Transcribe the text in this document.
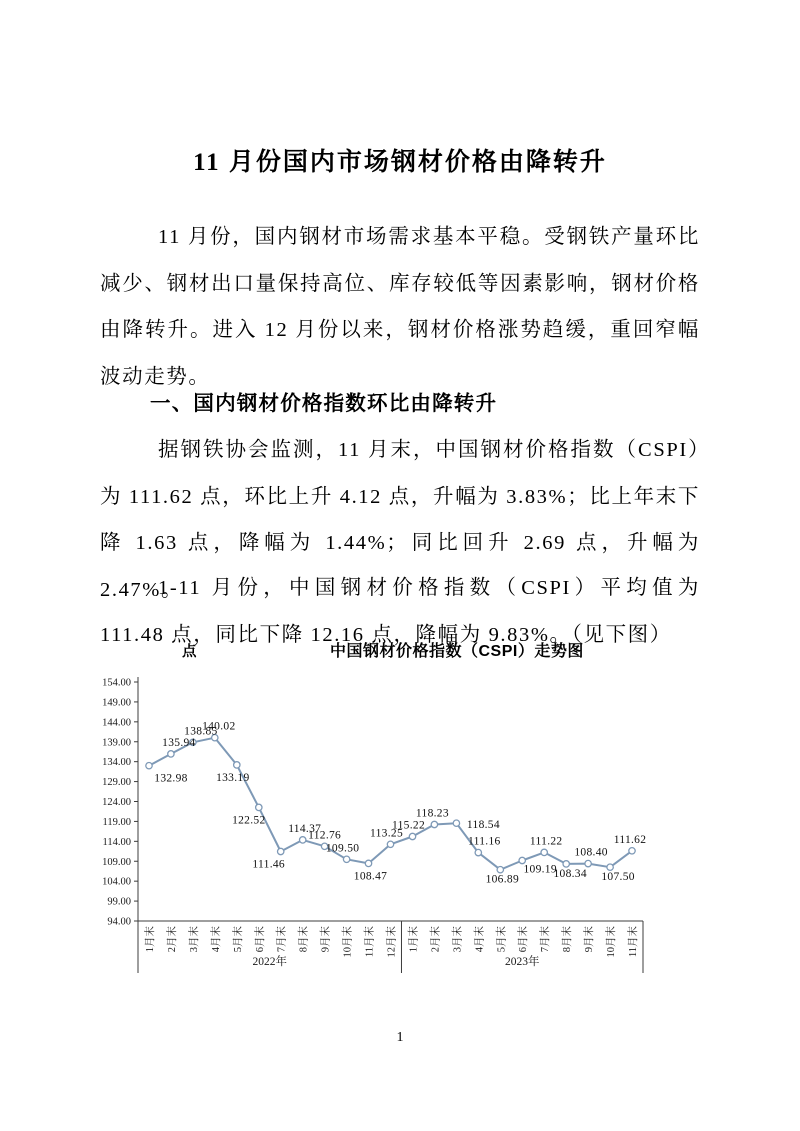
11 月份国内市场钢材价格由降转升

11 月份，国内钢材市场需求基本平稳。受钢铁产量环比减少、钢材出口量保持高位、库存较低等因素影响，钢材价格由降转升。进入 12 月份以来，钢材价格涨势趋缓，重回窄幅波动走势。

一、国内钢材价格指数环比由降转升

据钢铁协会监测，11 月末，中国钢材价格指数（CSPI）为 111.62 点，环比上升 4.12 点，升幅为 3.83%；比上年末下降 1.63 点，降幅为 1.44%；同比回升 2.69 点，升幅为 2.47%。

1-11 月份，中国钢材价格指数（CSPI）平均值为 111.48 点，同比下降 12.16 点，降幅为 9.83%。（见下图）

点	中国钢材价格指数（CSPI）走势图
154.00
149.00
144.00
139.00
134.00
129.00
124.00
119.00
114.00
109.00
104.00
99.00
94.00
1月末 2月末 3月末 4月末 5月末 6月末 7月末 8月末 9月末 10月末 11月末 12月末 1月末 2月末 3月末 4月末 5月末 6月末 7月末 8月末 9月末 10月末 11月末
2022年	2023年
132.98
135.94
138.85
140.02
133.19
122.52
111.46
114.37
112.76
109.50
108.47
113.25
115.22
118.23
118.54
111.16
106.89
109.19
111.22
108.34
108.40
107.50
111.62

1
